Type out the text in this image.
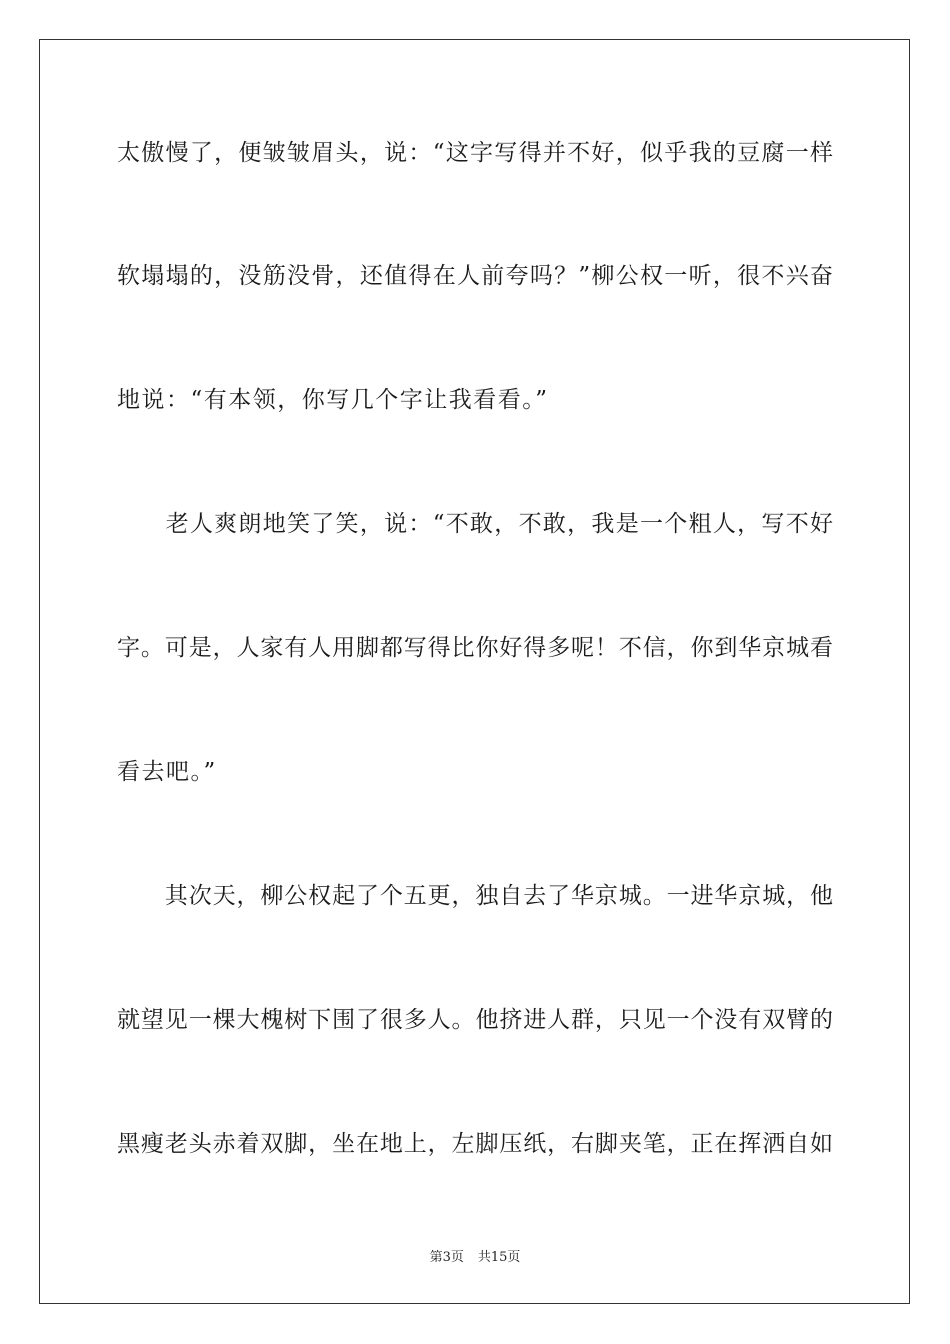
太傲慢了，便皱皱眉头，说：“这字写得并不好，似乎我的豆腐一样
软塌塌的，没筋没骨，还值得在人前夸吗？”柳公权一听，很不兴奋
地说：“有本领，你写几个字让我看看。”
　　老人爽朗地笑了笑，说：“不敢，不敢，我是一个粗人，写不好
字。可是，人家有人用脚都写得比你好得多呢！不信，你到华京城看
看去吧。”
　　其次天，柳公权起了个五更，独自去了华京城。一进华京城，他
就望见一棵大槐树下围了很多人。他挤进人群，只见一个没有双臂的
黑瘦老头赤着双脚，坐在地上，左脚压纸，右脚夹笔，正在挥洒自如
第3页 共15页
